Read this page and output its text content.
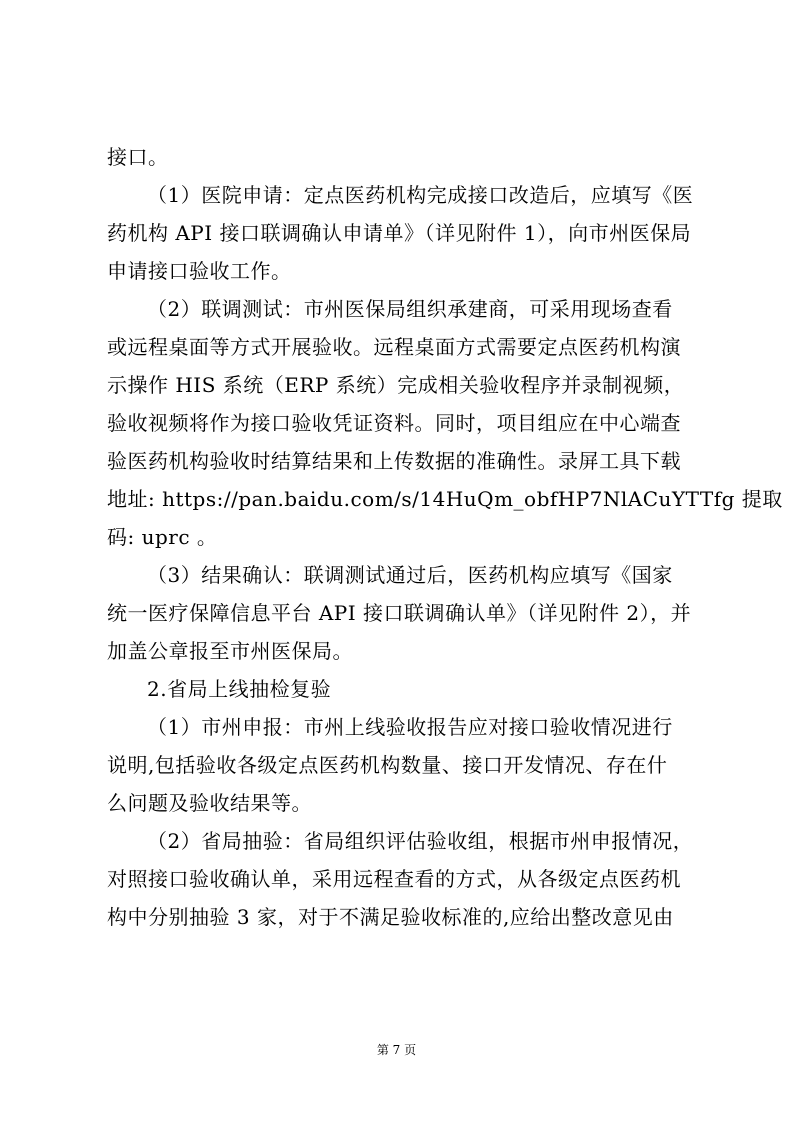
接口。
（1）医院申请：定点医药机构完成接口改造后，应填写《医
药机构 API 接口联调确认申请单》（详见附件 1），向市州医保局
申请接口验收工作。
（2）联调测试：市州医保局组织承建商，可采用现场查看
或远程桌面等方式开展验收。远程桌面方式需要定点医药机构演
示操作 HIS 系统（ERP 系统）完成相关验收程序并录制视频，
验收视频将作为接口验收凭证资料。同时，项目组应在中心端查
验医药机构验收时结算结果和上传数据的准确性。录屏工具下载
地址: https://pan.baidu.com/s/14HuQm_obfHP7NlACuYTTfg 提取
码: uprc 。
（3）结果确认：联调测试通过后，医药机构应填写《国家
统一医疗保障信息平台 API 接口联调确认单》（详见附件 2），并
加盖公章报至市州医保局。
2.省局上线抽检复验
（1）市州申报：市州上线验收报告应对接口验收情况进行
说明,包括验收各级定点医药机构数量、接口开发情况、存在什
么问题及验收结果等。
（2）省局抽验：省局组织评估验收组，根据市州申报情况，
对照接口验收确认单，采用远程查看的方式，从各级定点医药机
构中分别抽验 3 家，对于不满足验收标准的,应给出整改意见由
第 7 页
